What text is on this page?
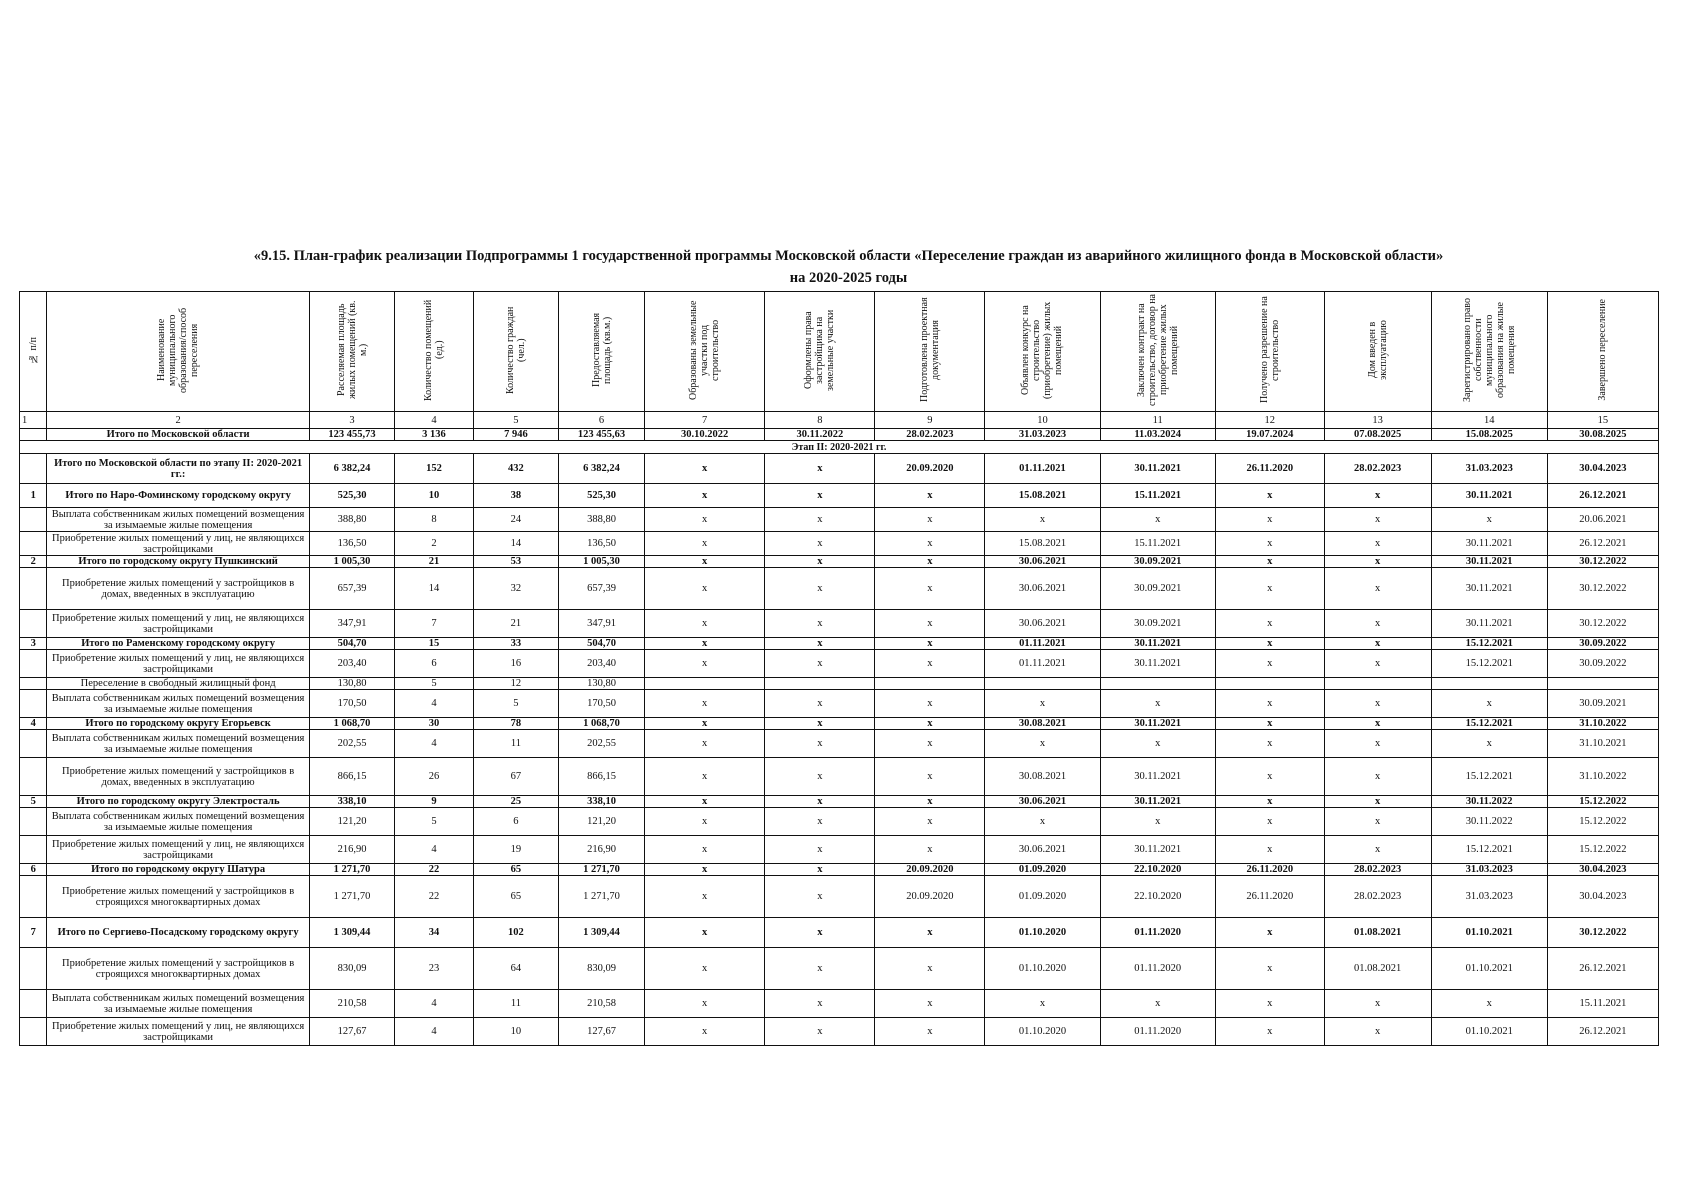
«9.15. План-график реализации Подпрограммы 1 государственной программы Московской области «Переселение граждан из аварийного жилищного фонда в Московской области»
на 2020-2025 годы
№ п/п	Наименование муниципального образования/способ переселения	Расселяемая площадь жилых помещений (кв. м.)	Количество помещений (ед.)	Количество граждан (чел.)	Предоставляемая площадь (кв.м.)	Образованы земельные участки под строительство	Оформлены права застройщика на земельные участки	Подготовлена проектная документация	Объявлен конкурс на строительство (приобретение) жилых помещений	Заключен контракт на строительство, договор на приобретение жилых помещений	Получено разрешение на строительство	Дом введен в эксплуатацию	Зарегистрировано право собственности муниципального образования на жилые помещения	Завершено переселение
1	2	3	4	5	6	7	8	9	10	11	12	13	14	15
	Итого по Московской области	123 455,73	3 136	7 946	123 455,63	30.10.2022	30.11.2022	28.02.2023	31.03.2023	11.03.2024	19.07.2024	07.08.2025	15.08.2025	30.08.2025
Этап II: 2020-2021 гг.														
	Итого по Московской области по этапу II: 2020-2021 гг.:	6 382,24	152	432	6 382,24	x	x	20.09.2020	01.11.2021	30.11.2021	26.11.2020	28.02.2023	31.03.2023	30.04.2023
1	Итого по Наро-Фоминскому городскому округу	525,30	10	38	525,30	x	x	x	15.08.2021	15.11.2021	x	x	30.11.2021	26.12.2021
	Выплата собственникам жилых помещений возмещения за изымаемые жилые помещения	388,80	8	24	388,80	x	x	x	x	x	x	x	x	20.06.2021
	Приобретение жилых помещений у лиц, не являющихся застройщиками	136,50	2	14	136,50	x	x	x	15.08.2021	15.11.2021	x	x	30.11.2021	26.12.2021
2	Итого по городскому округу Пушкинский	1 005,30	21	53	1 005,30	x	x	x	30.06.2021	30.09.2021	x	x	30.11.2021	30.12.2022
	Приобретение жилых помещений у застройщиков в домах, введенных в эксплуатацию	657,39	14	32	657,39	x	x	x	30.06.2021	30.09.2021	x	x	30.11.2021	30.12.2022
	Приобретение жилых помещений у лиц, не являющихся застройщиками	347,91	7	21	347,91	x	x	x	30.06.2021	30.09.2021	x	x	30.11.2021	30.12.2022
3	Итого по Раменскому городскому округу	504,70	15	33	504,70	x	x	x	01.11.2021	30.11.2021	x	x	15.12.2021	30.09.2022
	Приобретение жилых помещений у лиц, не являющихся застройщиками	203,40	6	16	203,40	x	x	x	01.11.2021	30.11.2021	x	x	15.12.2021	30.09.2022
	Переселение в свободный жилищный фонд	130,80	5	12	130,80									
	Выплата собственникам жилых помещений возмещения за изымаемые жилые помещения	170,50	4	5	170,50	x	x	x	x	x	x	x	x	30.09.2021
4	Итого по городскому округу Егорьевск	1 068,70	30	78	1 068,70	x	x	x	30.08.2021	30.11.2021	x	x	15.12.2021	31.10.2022
	Выплата собственникам жилых помещений возмещения за изымаемые жилые помещения	202,55	4	11	202,55	x	x	x	x	x	x	x	x	31.10.2021
	Приобретение жилых помещений у застройщиков в домах, введенных в эксплуатацию	866,15	26	67	866,15	x	x	x	30.08.2021	30.11.2021	x	x	15.12.2021	31.10.2022
5	Итого по городскому округу Электросталь	338,10	9	25	338,10	x	x	x	30.06.2021	30.11.2021	x	x	30.11.2022	15.12.2022
	Выплата собственникам жилых помещений возмещения за изымаемые жилые помещения	121,20	5	6	121,20	x	x	x	x	x	x	x	30.11.2022	15.12.2022
	Приобретение жилых помещений у лиц, не являющихся застройщиками	216,90	4	19	216,90	x	x	x	30.06.2021	30.11.2021	x	x	15.12.2021	15.12.2022
6	Итого по городскому округу Шатура	1 271,70	22	65	1 271,70	x	x	20.09.2020	01.09.2020	22.10.2020	26.11.2020	28.02.2023	31.03.2023	30.04.2023
	Приобретение жилых помещений у застройщиков в строящихся многоквартирных домах	1 271,70	22	65	1 271,70	x	x	20.09.2020	01.09.2020	22.10.2020	26.11.2020	28.02.2023	31.03.2023	30.04.2023
7	Итого по Сергиево-Посадскому городскому округу	1 309,44	34	102	1 309,44	x	x	x	01.10.2020	01.11.2020	x	01.08.2021	01.10.2021	30.12.2022
	Приобретение жилых помещений у застройщиков в строящихся многоквартирных домах	830,09	23	64	830,09	x	x	x	01.10.2020	01.11.2020	x	01.08.2021	01.10.2021	26.12.2021
	Выплата собственникам жилых помещений возмещения за изымаемые жилые помещения	210,58	4	11	210,58	x	x	x	x	x	x	x	x	15.11.2021
	Приобретение жилых помещений у лиц, не являющихся застройщиками	127,67	4	10	127,67	x	x	x	01.10.2020	01.11.2020	x	x	01.10.2021	26.12.2021
